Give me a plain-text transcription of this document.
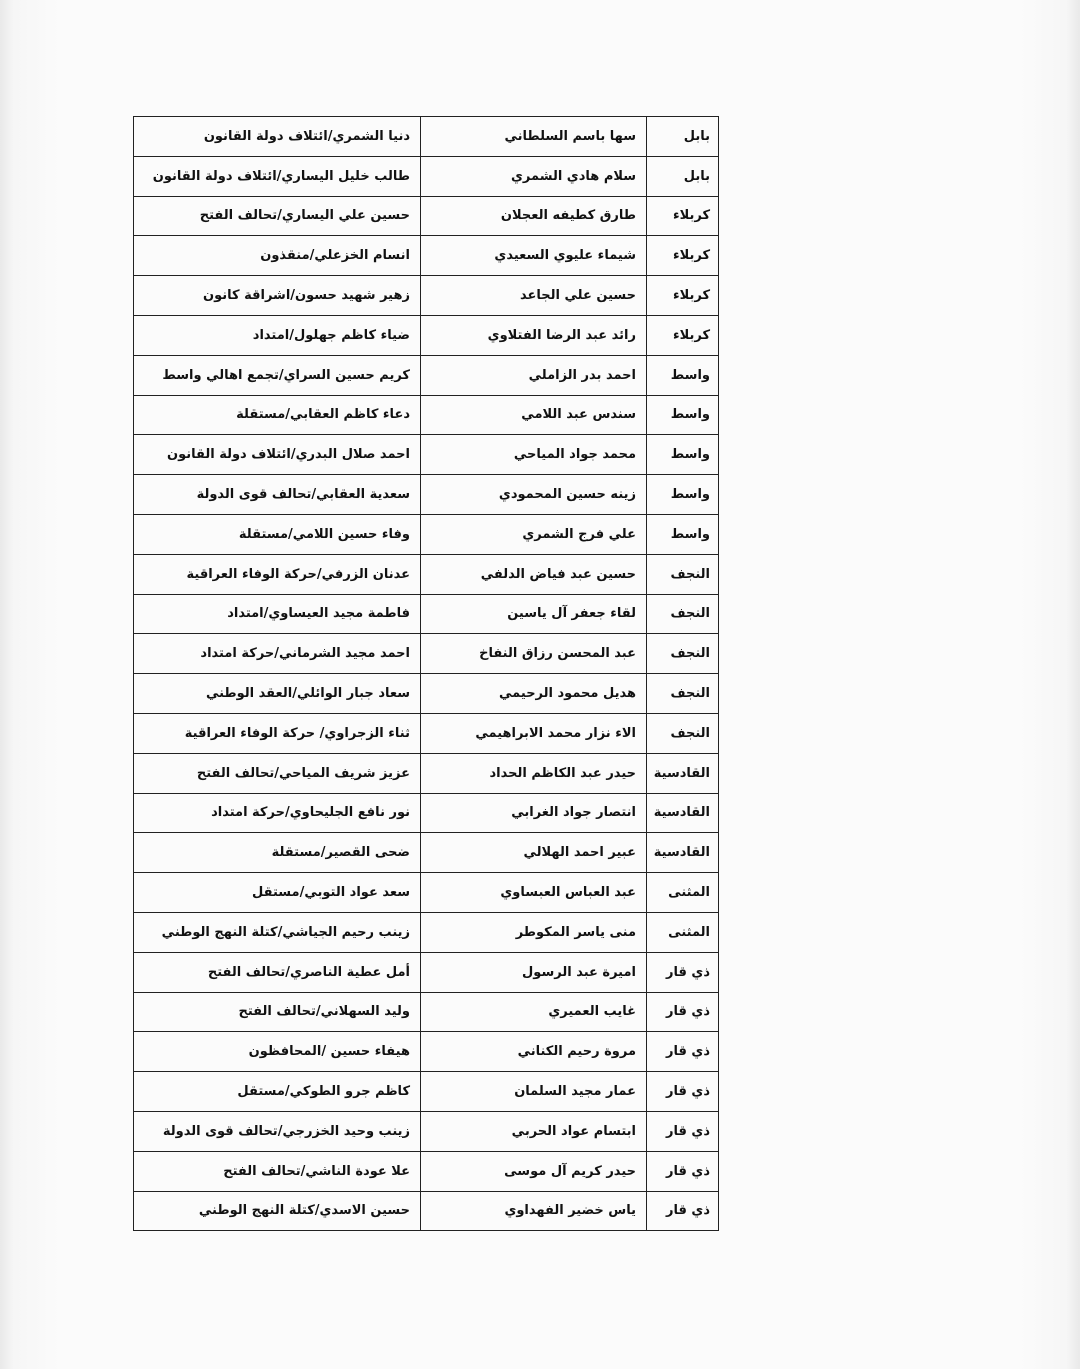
بابل	سها باسم السلطاني	دنيا الشمري/ائتلاف دولة القانون
بابل	سلام هادي الشمري	طالب خليل اليساري/ائتلاف دولة القانون
كربلاء	طارق كطيفه العجلان	حسين علي اليساري/تحالف الفتح
كربلاء	شيماء عليوي السعيدي	انسام الخزعلي/منقذون
كربلاء	حسين علي الجاعد	زهير شهيد حسون/اشراقة كانون
كربلاء	رائد عبد الرضا الفتلاوي	ضياء كاظم جهلول/امتداد
واسط	احمد بدر الزاملي	كريم حسين السراي/تجمع اهالي واسط
واسط	سندس عبد اللامي	دعاء كاظم العقابي/مستقلة
واسط	محمد جواد المياحي	احمد صلال البدري/ائتلاف دولة القانون
واسط	زينه حسين المحمودي	سعدية العقابي/تحالف قوى الدولة
واسط	علي فرج الشمري	وفاء حسين اللامي/مستقلة
النجف	حسين عبد فياض الدلفي	عدنان الزرفي/حركة الوفاء العراقية
النجف	لقاء جعفر آل ياسين	فاطمة مجيد العيساوي/امتداد
النجف	عبد المحسن رزاق النفاخ	احمد مجيد الشرماني/حركة امتداد
النجف	هديل محمود الرحيمي	سعاد جبار الوائلي/العقد الوطني
النجف	الاء نزار محمد الابراهيمي	ثناء الزجراوي/ حركة الوفاء العراقية
القادسية	حيدر عبد الكاظم الحداد	عزيز شريف المياحي/تحالف الفتح
القادسية	انتصار جواد الغرابي	نور نافع الجليحاوي/حركة امتداد
القادسية	عبير احمد الهلالي	ضحى القصير/مستقلة
المثنى	عبد العباس العبساوي	سعد عواد التوبي/مستقل
المثنى	منى ياسر المكوطر	زينب رحيم الجياشي/كتلة النهج الوطني
ذي قار	اميرة عبد الرسول	أمل عطية الناصري/تحالف الفتح
ذي قار	غايب العميري	وليد السهلاني/تحالف الفتح
ذي قار	مروة رحيم الكناني	هيفاء حسين /المحافظون
ذي قار	عمار مجيد السلمان	كاظم جرو الطوكي/مستقل
ذي قار	ابتسام عواد الحربي	زينب وحيد الخزرجي/تحالف قوى الدولة
ذي قار	حيدر كريم آل موسى	علا عودة الناشي/تحالف الفتح
ذي قار	ياس خضير الفهداوي	حسين الاسدي/كتلة النهج الوطني
